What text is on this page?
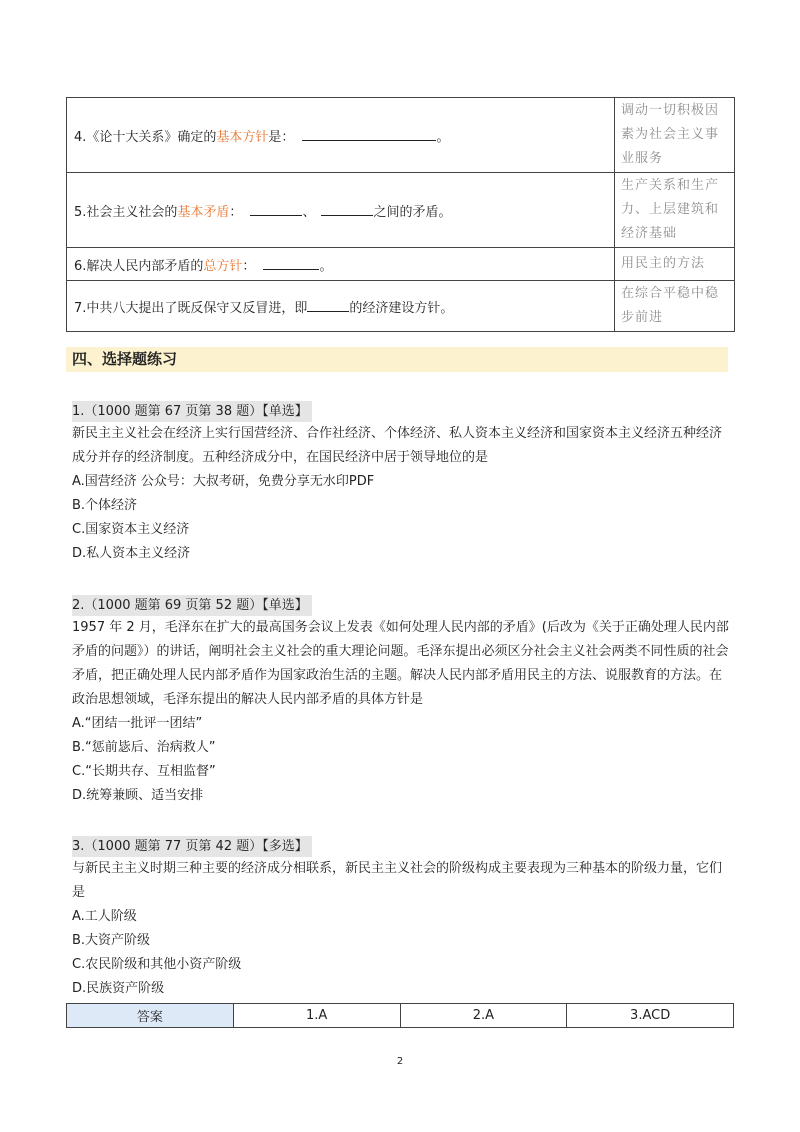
4.《论十大关系》确定的基本方针是： 。	调动一切积极因素为社会主义事业服务
5.社会主义社会的基本矛盾： 、 之间的矛盾。	生产关系和生产力、上层建筑和经济基础
6.解决人民内部矛盾的总方针： 。	用民主的方法
7.中共八大提出了既反保守又反冒进，即 的经济建设方针。	在综合平稳中稳步前进
四、选择题练习
1.（1000 题第 67 页第 38 题）【单选】

新民主主义社会在经济上实行国营经济、合作社经济、个体经济、私人资本主义经济和国家资本主义经济五种经济成分并存的经济制度。五种经济成分中，在国民经济中居于领导地位的是

A.国营经济 公众号：大叔考研，免费分享无水印PDF

B.个体经济

C.国家资本主义经济

D.私人资本主义经济

2.（1000 题第 69 页第 52 题）【单选】

1957 年 2 月，毛泽东在扩大的最高国务会议上发表《如何处理人民内部的矛盾》(后改为《关于正确处理人民内部矛盾的问题》）的讲话，阐明社会主义社会的重大理论问题。毛泽东提出必须区分社会主义社会两类不同性质的社会矛盾，把正确处理人民内部矛盾作为国家政治生活的主题。解决人民内部矛盾用民主的方法、说服教育的方法。在政治思想领域，毛泽东提出的解决人民内部矛盾的具体方针是

A.“团结一批评一团结”

B.“惩前毖后、治病救人”

C.“长期共存、互相监督”

D.统筹兼顾、适当安排

3.（1000 题第 77 页第 42 题）【多选】

与新民主主义时期三种主要的经济成分相联系，新民主主义社会的阶级构成主要表现为三种基本的阶级力量，它们是

A.工人阶级

B.大资产阶级

C.农民阶级和其他小资产阶级

D.民族资产阶级

答案	1.A	2.A	3.ACD
2
